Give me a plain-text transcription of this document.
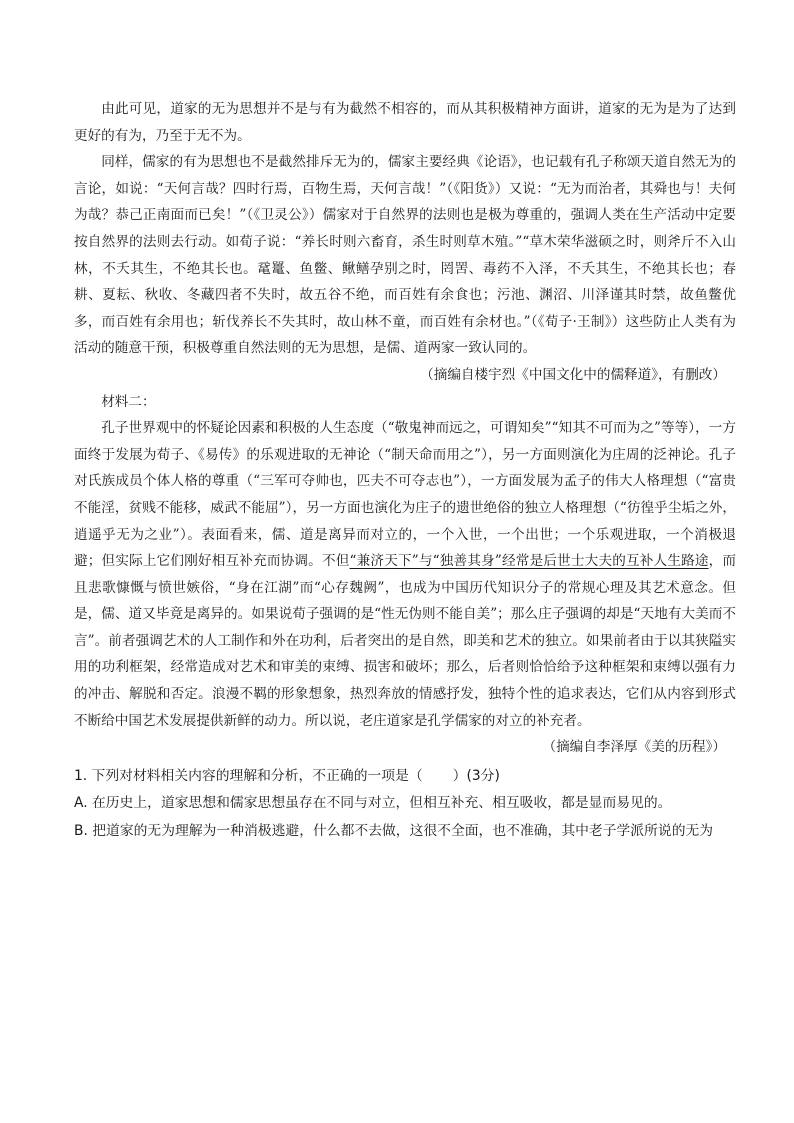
由此可见，道家的无为思想并不是与有为截然不相容的，而从其积极精神方面讲，道家的无为是为了达到更好的有为，乃至于无不为。

同样，儒家的有为思想也不是截然排斥无为的，儒家主要经典《论语》，也记载有孔子称颂天道自然无为的言论，如说：“天何言哉？四时行焉，百物生焉，天何言哉！”（《阳货》）又说：“无为而治者，其舜也与！夫何为哉？恭己正南面而已矣！”（《卫灵公》）儒家对于自然界的法则也是极为尊重的，强调人类在生产活动中定要按自然界的法则去行动。如荀子说：“养长时则六畜育，杀生时则草木殖。”“草木荣华滋硕之时，则斧斤不入山林，不夭其生，不绝其长也。鼋鼍、鱼鳖、鳅鳝孕别之时，罔罟、毒药不入泽，不夭其生，不绝其长也；春耕、夏耘、秋收、冬藏四者不失时，故五谷不绝，而百姓有余食也；污池、渊沼、川泽谨其时禁，故鱼鳖优多，而百姓有余用也；斩伐养长不失其时，故山林不童，而百姓有余材也。”（《荀子·王制》）这些防止人类有为活动的随意干预，积极尊重自然法则的无为思想，是儒、道两家一致认同的。

（摘编自楼宇烈《中国文化中的儒释道》，有删改）

材料二：

孔子世界观中的怀疑论因素和积极的人生态度（“敬鬼神而远之，可谓知矣”“知其不可而为之”等等），一方面终于发展为荀子、《易传》的乐观进取的无神论（“制天命而用之”），另一方面则演化为庄周的泛神论。孔子对氏族成员个体人格的尊重（“三军可夺帅也，匹夫不可夺志也”），一方面发展为孟子的伟大人格理想（“富贵不能淫，贫贱不能移，威武不能屈”），另一方面也演化为庄子的遗世绝俗的独立人格理想（“彷徨乎尘垢之外，逍遥乎无为之业”）。表面看来，儒、道是离异而对立的，一个入世，一个出世；一个乐观进取，一个消极退避；但实际上它们刚好相互补充而协调。不但“兼济天下”与“独善其身”经常是后世士大夫的互补人生路途，而且悲歌慷慨与愤世嫉俗，“身在江湖”而“心存魏阙”，也成为中国历代知识分子的常规心理及其艺术意念。但是，儒、道又毕竟是离异的。如果说荀子强调的是“性无伪则不能自美”；那么庄子强调的却是“天地有大美而不言”。前者强调艺术的人工制作和外在功利，后者突出的是自然，即美和艺术的独立。如果前者由于以其狭隘实用的功利框架，经常造成对艺术和审美的束缚、损害和破坏；那么，后者则恰恰给予这种框架和束缚以强有力的冲击、解脱和否定。浪漫不羁的形象想象，热烈奔放的情感抒发，独特个性的追求表达，它们从内容到形式不断给中国艺术发展提供新鲜的动力。所以说，老庄道家是孔学儒家的对立的补充者。

（摘编自李泽厚《美的历程》）

1. 下列对材料相关内容的理解和分析，不正确的一项是（ ）(3分)

A. 在历史上，道家思想和儒家思想虽存在不同与对立，但相互补充、相互吸收，都是显而易见的。

B. 把道家的无为理解为一种消极逃避，什么都不去做，这很不全面，也不准确，其中老子学派所说的无为
